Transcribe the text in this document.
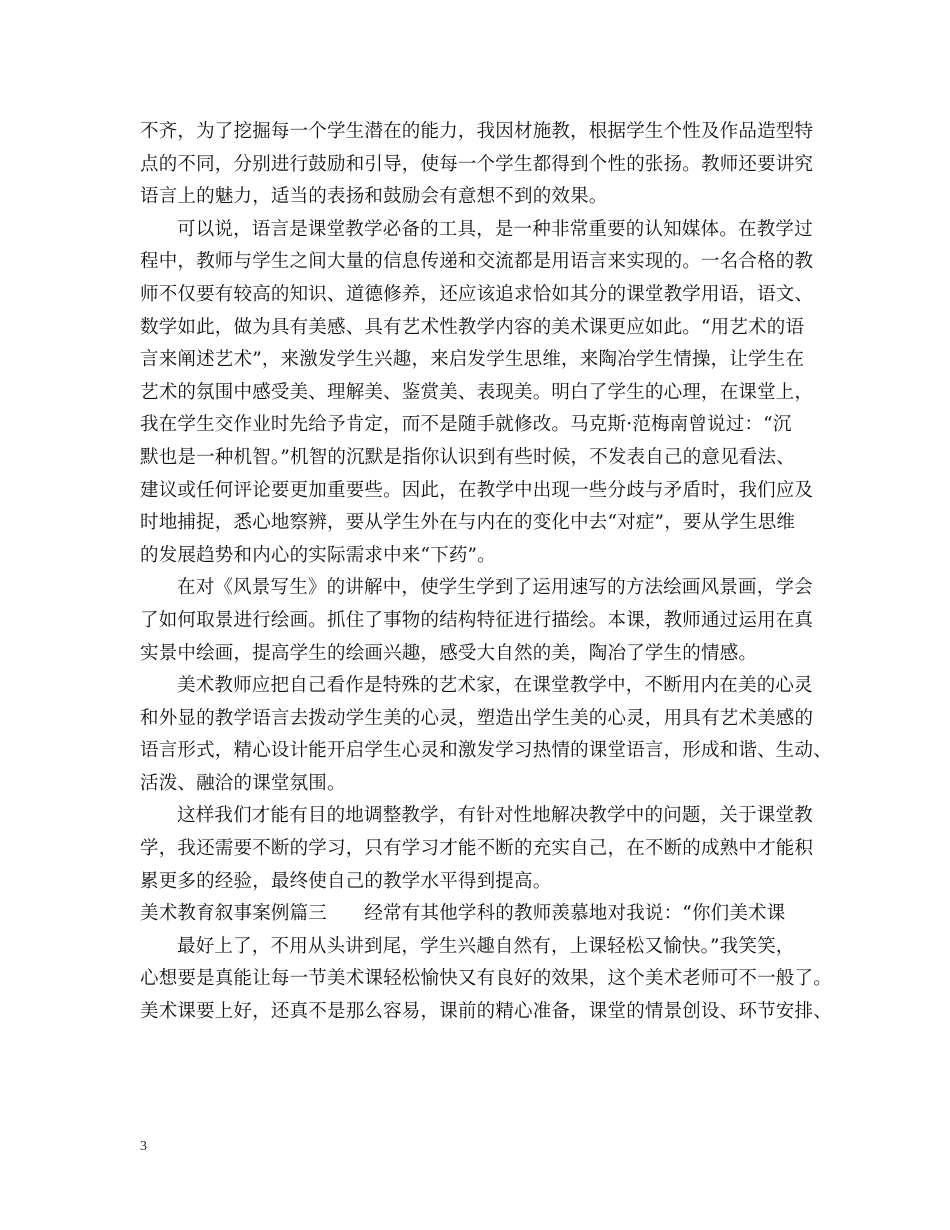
不齐，为了挖掘每一个学生潜在的能力，我因材施教，根据学生个性及作品造型特
点的不同，分别进行鼓励和引导，使每一个学生都得到个性的张扬。教师还要讲究
语言上的魅力，适当的表扬和鼓励会有意想不到的效果。
可以说，语言是课堂教学必备的工具，是一种非常重要的认知媒体。在教学过
程中，教师与学生之间大量的信息传递和交流都是用语言来实现的。一名合格的教
师不仅要有较高的知识、道德修养，还应该追求恰如其分的课堂教学用语，语文、
数学如此，做为具有美感、具有艺术性教学内容的美术课更应如此。“用艺术的语
言来阐述艺术”，来激发学生兴趣，来启发学生思维，来陶冶学生情操，让学生在
艺术的氛围中感受美、理解美、鉴赏美、表现美。明白了学生的心理，在课堂上，
我在学生交作业时先给予肯定，而不是随手就修改。马克斯·范梅南曾说过：“沉
默也是一种机智。”机智的沉默是指你认识到有些时候，不发表自己的意见看法、
建议或任何评论要更加重要些。因此，在教学中出现一些分歧与矛盾时，我们应及
时地捕捉，悉心地察辨，要从学生外在与内在的变化中去“对症”，要从学生思维
的发展趋势和内心的实际需求中来“下药”。
在对《风景写生》的讲解中，使学生学到了运用速写的方法绘画风景画，学会
了如何取景进行绘画。抓住了事物的结构特征进行描绘。本课，教师通过运用在真
实景中绘画，提高学生的绘画兴趣，感受大自然的美，陶冶了学生的情感。
美术教师应把自己看作是特殊的艺术家，在课堂教学中，不断用内在美的心灵
和外显的教学语言去拨动学生美的心灵，塑造出学生美的心灵，用具有艺术美感的
语言形式，精心设计能开启学生心灵和激发学习热情的课堂语言，形成和谐、生动、
活泼、融洽的课堂氛围。
这样我们才能有目的地调整教学，有针对性地解决教学中的问题，关于课堂教
学，我还需要不断的学习，只有学习才能不断的充实自己，在不断的成熟中才能积
累更多的经验，最终使自己的教学水平得到提高。
美术教育叙事案例篇三　　经常有其他学科的教师羡慕地对我说：“你们美术课
最好上了，不用从头讲到尾，学生兴趣自然有，上课轻松又愉快。”我笑笑，
心想要是真能让每一节美术课轻松愉快又有良好的效果，这个美术老师可不一般了。
美术课要上好，还真不是那么容易，课前的精心准备，课堂的情景创设、环节安排、
3
